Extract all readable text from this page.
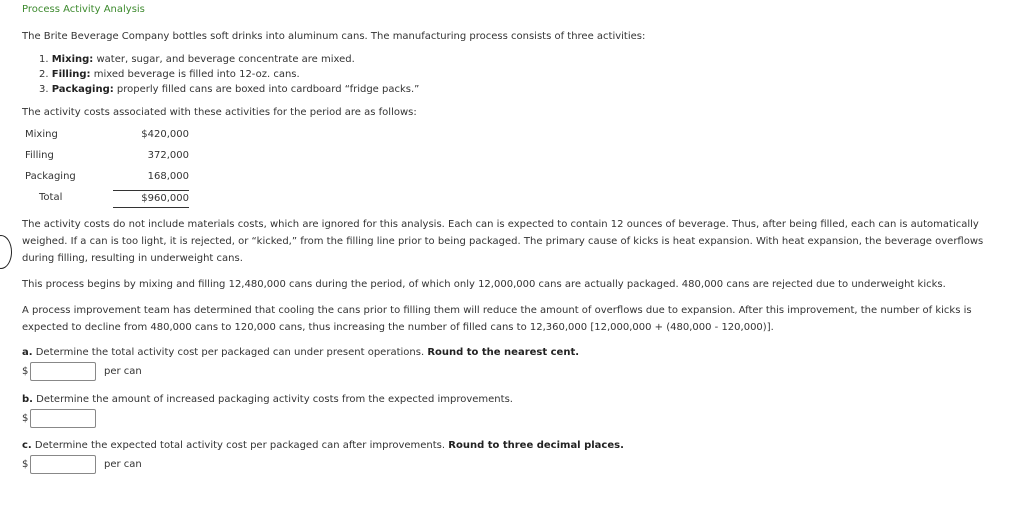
Process Activity Analysis

The Brite Beverage Company bottles soft drinks into aluminum cans. The manufacturing process consists of three activities:

1. Mixing: water, sugar, and beverage concentrate are mixed.
2. Filling: mixed beverage is filled into 12-oz. cans.
3. Packaging: properly filled cans are boxed into cardboard “fridge packs.”

The activity costs associated with these activities for the period are as follows:

Mixing	$420,000
Filling	372,000
Packaging	168,000
Total	$960,000

The activity costs do not include materials costs, which are ignored for this analysis. Each can is expected to contain 12 ounces of beverage. Thus, after being filled, each can is automatically weighed. If a can is too light, it is rejected, or “kicked,” from the filling line prior to being packaged. The primary cause of kicks is heat expansion. With heat expansion, the beverage overflows during filling, resulting in underweight cans.

This process begins by mixing and filling 12,480,000 cans during the period, of which only 12,000,000 cans are actually packaged. 480,000 cans are rejected due to underweight kicks.

A process improvement team has determined that cooling the cans prior to filling them will reduce the amount of overflows due to expansion. After this improvement, the number of kicks is expected to decline from 480,000 cans to 120,000 cans, thus increasing the number of filled cans to 12,360,000 [12,000,000 + (480,000 - 120,000)].

a. Determine the total activity cost per packaged can under present operations. Round to the nearest cent.

$	per can

b. Determine the amount of increased packaging activity costs from the expected improvements.

$

c. Determine the expected total activity cost per packaged can after improvements. Round to three decimal places.

$	per can
